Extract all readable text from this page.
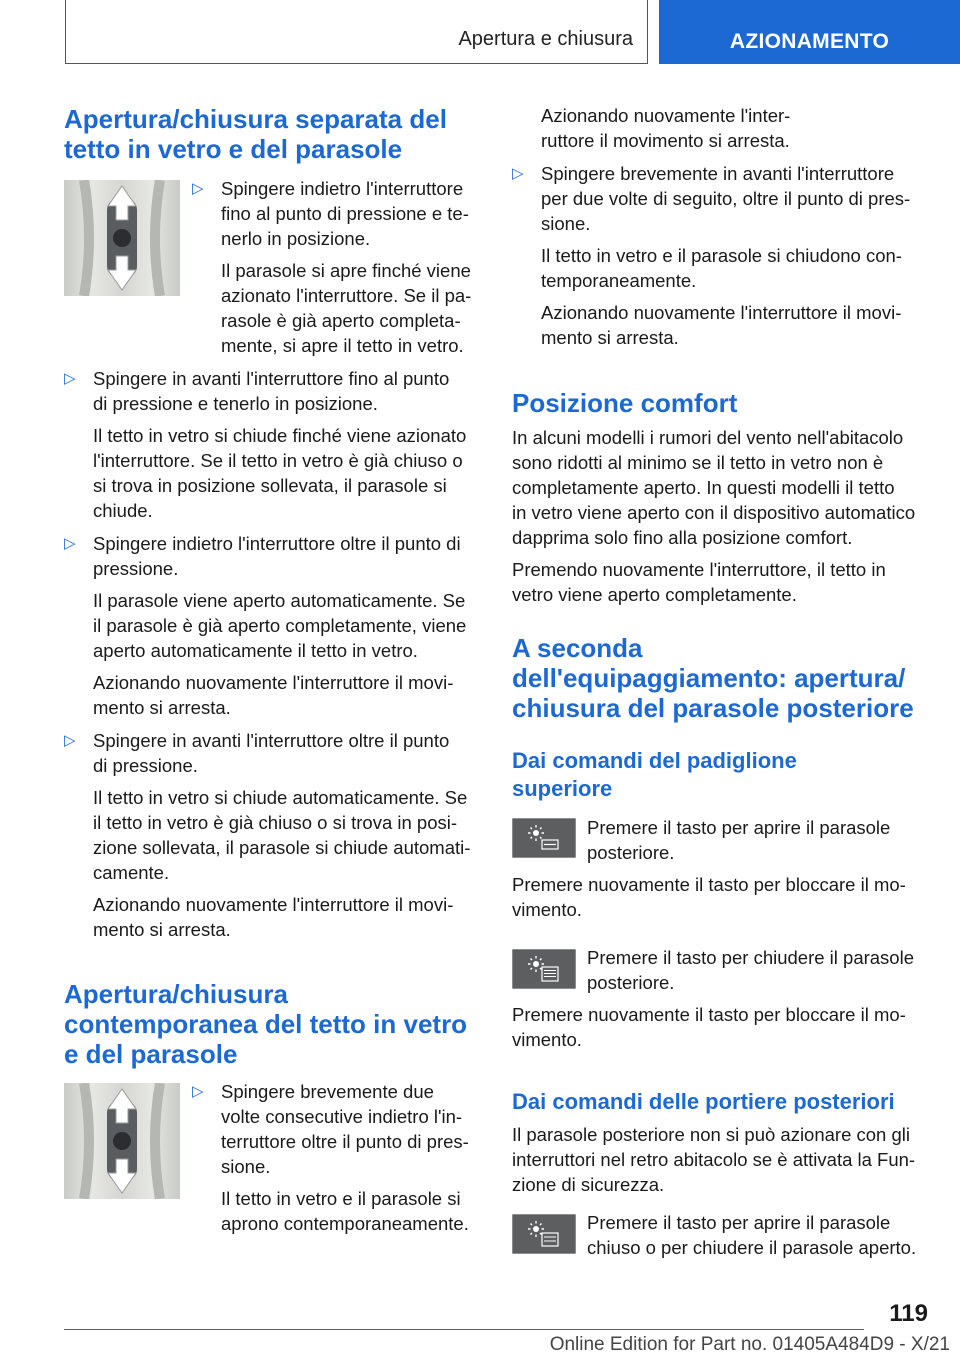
Apertura e chiusura	AZIONAMENTO
Apertura/chiusura separata del
tetto in vetro e del parasole
▷ Spingere indietro l'interruttore

fino al punto di pressione e te-

nerlo in posizione.

Il parasole si apre finché viene

azionato l'interruttore. Se il pa-

rasole è già aperto completa-

mente, si apre il tetto in vetro.

▷ Spingere in avanti l'interruttore fino al punto

di pressione e tenerlo in posizione.

Il tetto in vetro si chiude finché viene azionato

l'interruttore. Se il tetto in vetro è già chiuso o

si trova in posizione sollevata, il parasole si

chiude.

▷ Spingere indietro l'interruttore oltre il punto di

pressione.

Il parasole viene aperto automaticamente. Se

il parasole è già aperto completamente, viene

aperto automaticamente il tetto in vetro.

Azionando nuovamente l'interruttore il movi-

mento si arresta.

▷ Spingere in avanti l'interruttore oltre il punto

di pressione.

Il tetto in vetro si chiude automaticamente. Se

il tetto in vetro è già chiuso o si trova in posi-

zione sollevata, il parasole si chiude automati-

camente.

Azionando nuovamente l'interruttore il movi-

mento si arresta.

Apertura/chiusura
contemporanea del tetto in vetro
e del parasole
▷ Spingere brevemente due

volte consecutive indietro l'in-

terruttore oltre il punto di pres-

sione.

Il tetto in vetro e il parasole si

aprono contemporaneamente.

Azionando nuovamente l'inter-

ruttore il movimento si arresta.

▷ Spingere brevemente in avanti l'interruttore

per due volte di seguito, oltre il punto di pres-

sione.

Il tetto in vetro e il parasole si chiudono con-

temporaneamente.

Azionando nuovamente l'interruttore il movi-

mento si arresta.

Posizione comfort

In alcuni modelli i rumori del vento nell'abitacolo

sono ridotti al minimo se il tetto in vetro non è

completamente aperto. In questi modelli il tetto

in vetro viene aperto con il dispositivo automatico

dapprima solo fino alla posizione comfort.

Premendo nuovamente l'interruttore, il tetto in

vetro viene aperto completamente.

A seconda
dell'equipaggiamento: apertura/
chiusura del parasole posteriore
Dai comandi del padiglione
superiore

Premere il tasto per aprire il parasole

posteriore.

Premere nuovamente il tasto per bloccare il mo-

vimento.

Premere il tasto per chiudere il parasole

posteriore.

Premere nuovamente il tasto per bloccare il mo-

vimento.

Dai comandi delle portiere posteriori

Il parasole posteriore non si può azionare con gli

interruttori nel retro abitacolo se è attivata la Fun-

zione di sicurezza.

Premere il tasto per aprire il parasole

chiuso o per chiudere il parasole aperto.

119
Online Edition for Part no. 01405A484D9 - X/21
